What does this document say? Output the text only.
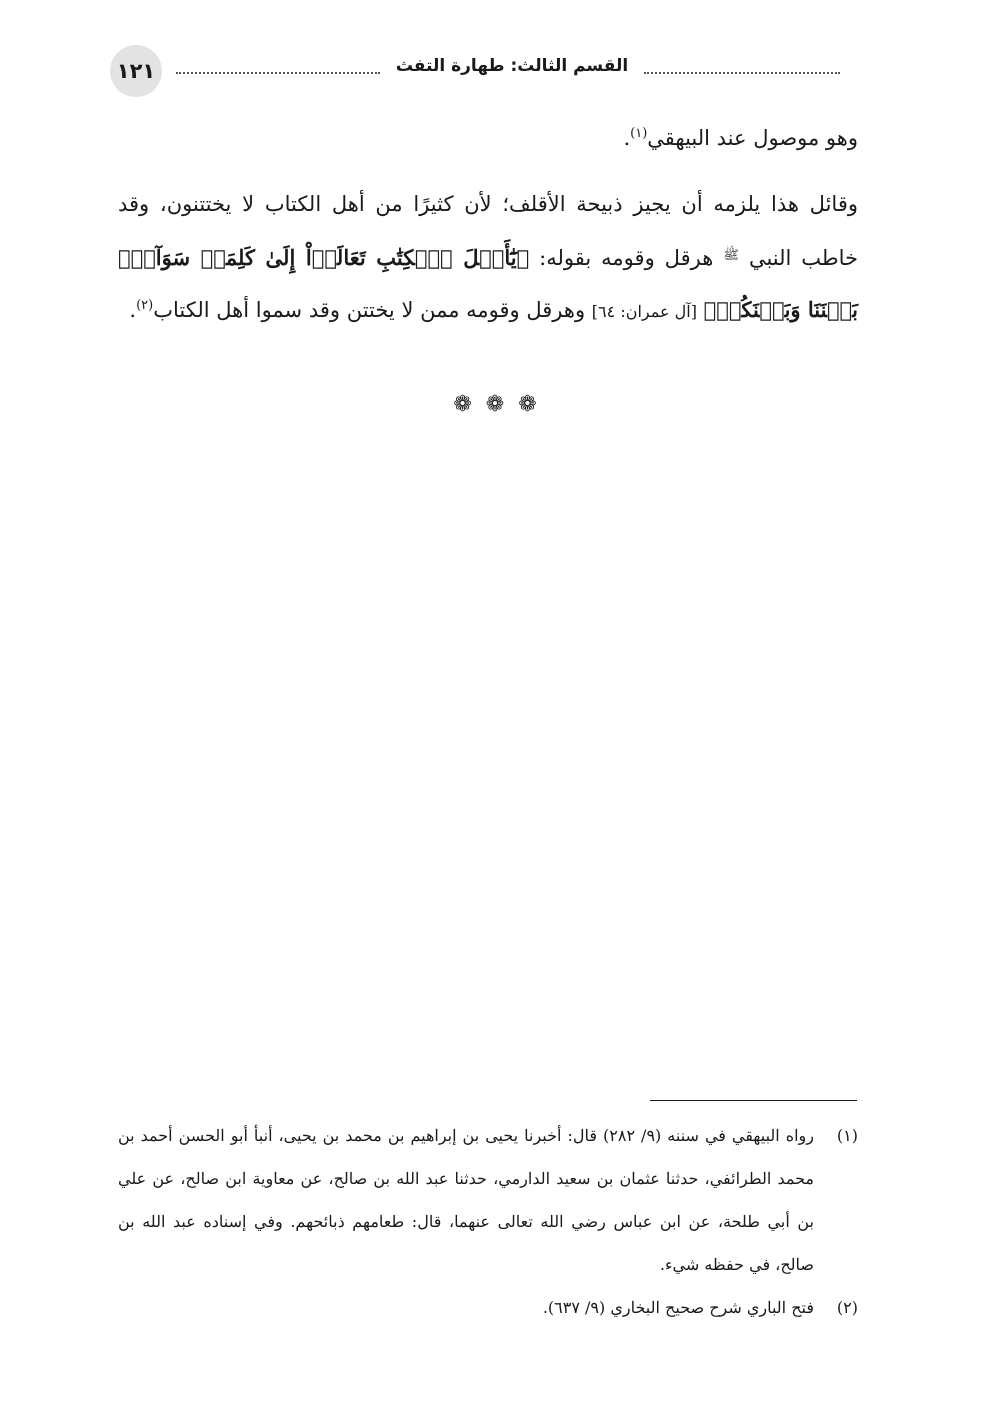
١٢١	القسم الثالث: طهارة التفث

وهو موصول عند البيهقي$^{(١)}$.

وقائل هذا يلزمه أن يجيز ذبيحة الأقلف؛ لأن كثيرًا من أهل الكتاب لا يختتنون، وقد خاطب النبي $^ﷺ$ هرقل وقومه بقوله: ﴿يَٰٓأَهۡلَ ٱلۡكِتَٰبِ تَعَالَوۡاْ إِلَىٰ كَلِمَةٖ سَوَآءِۭ بَيۡنَنَا وَبَيۡنَكُمۡ﴾ [آل عمران: ٦٤] وهرقل وقومه ممن لا يختتن وقد سموا أهل الكتاب$^{(٢)}$.

❁❁❁
(١)
رواه البيهقي في سننه (٩/ ٢٨٢) قال: أخبرنا يحيى بن إبراهيم بن محمد بن يحيى، أنبأ أبو الحسن أحمد بن محمد الطرائفي، حدثنا عثمان بن سعيد الدارمي، حدثنا عبد الله بن صالح، عن معاوية ابن صالح، عن علي بن أبي طلحة، عن ابن عباس رضي الله تعالى عنهما، قال: طعامهم ذبائحهم. وفي إسناده عبد الله بن صالح، في حفظه شيء.
(٢)
فتح الباري شرح صحيح البخاري (٩/ ٦٣٧).
